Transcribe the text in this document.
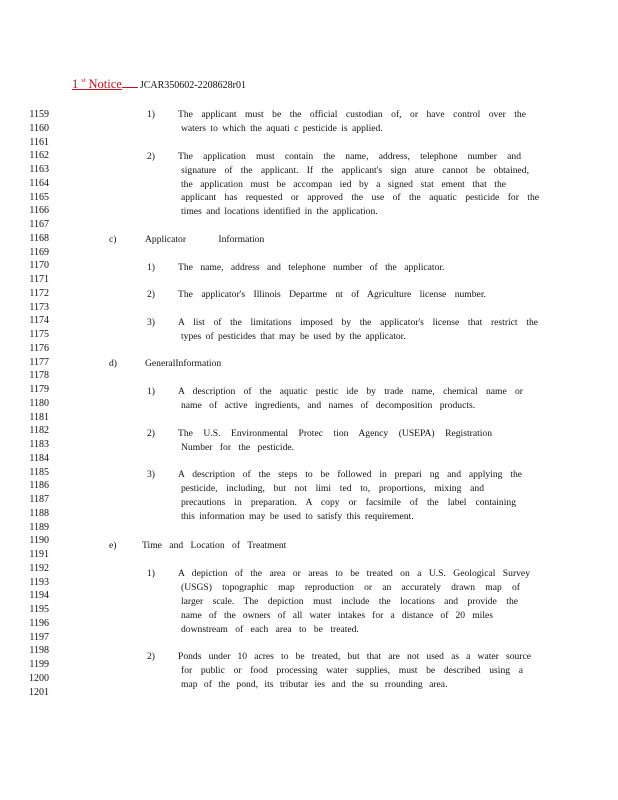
1 $^{st}$ Notice JCAR350602-2208628r01
1159
1160
1161
1162
1163
1164
1165
1166
1167
1168
1169
1170
1171
1172
1173
1174
1175
1176
1177
1178
1179
1180
1181
1182
1183
1184
1185
1186
1187
1188
1189
1190
1191
1192
1193
1194
1195
1196
1197
1198
1199
1200
1201
1) The applicant must be the official custodian of, or have control over the
waters to which the aquati c pesticide is applied.
2) The application must contain the name, address, telephone number and
signature of the applicant. If the applicant's sign ature cannot be obtained,
the application must be accompan ied by a signed stat ement that the
applicant has requested or approved the use of the aquatic pesticide for the
times and locations identified in the application.
c)	Applicator Information
1) The name, address and telephone number of the applicator.
2) The applicator's Illinois Departme nt of Agriculture license number.
3) A list of the limitations imposed by the applicator's license that restrict the
types of pesticides that may be used by the applicator.
d)	GeneralInformation
1) A description of the aquatic pestic ide by trade name, chemical name or
name of active ingredients, and names of decomposition products.
2) The U.S. Environmental Protec tion Agency (USEPA) Registration
Number for the pesticide.
3) A description of the steps to be followed in prepari ng and applying the
pesticide, including, but not limi ted to, proportions, mixing and
precautions in preparation. A copy or facsimile of the label containing
this information may be used to satisfy this requirement.
e)	Time and Location of Treatment
1) A depiction of the area or areas to be treated on a U.S. Geological Survey
(USGS) topographic map reproduction or an accurately drawn map of
larger scale. The depiction must include the locations and provide the
name of the owners of all water intakes for a distance of 20 miles
downstream of each area to be treated.
2) Ponds under 10 acres to be treated, but that are not used as a water source
for public or food processing water supplies, must be described using a
map of the pond, its tributar ies and the su rrounding area.
